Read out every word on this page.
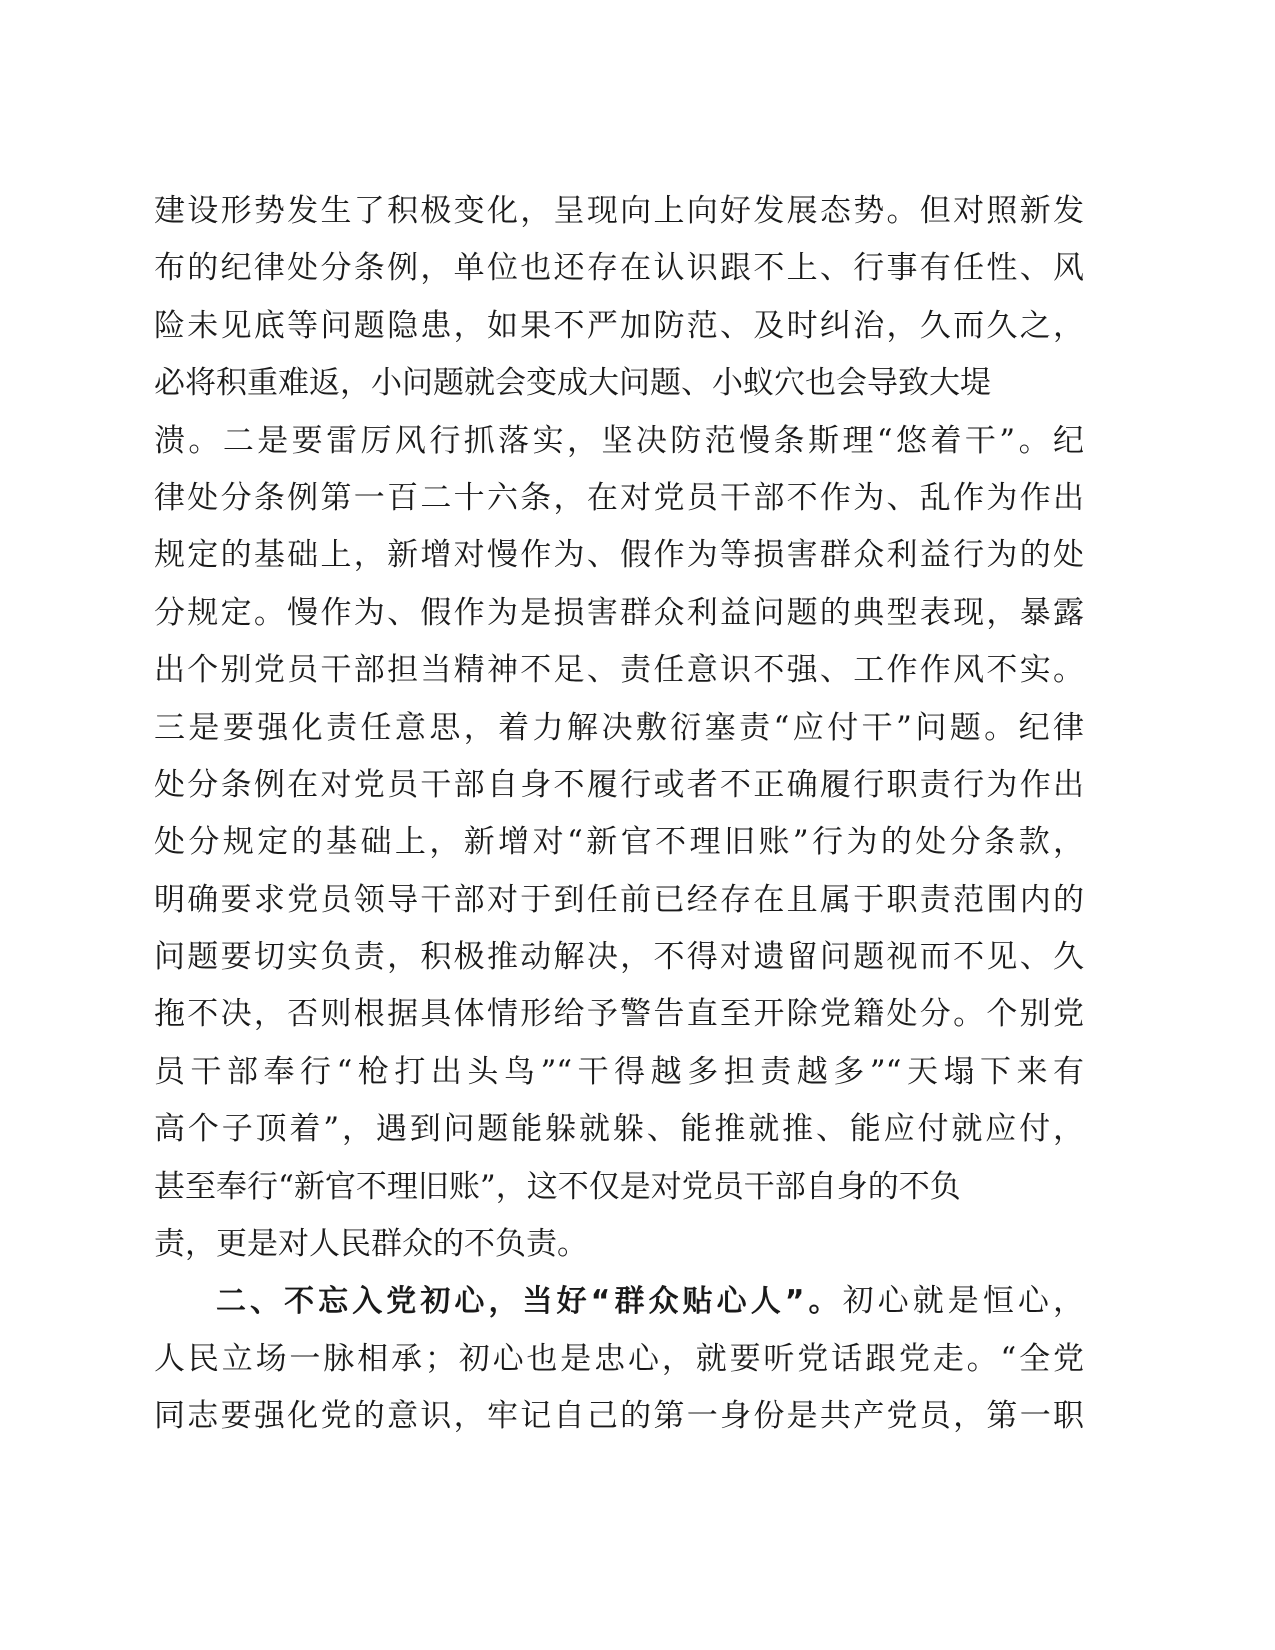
建设形势发生了积极变化，呈现向上向好发展态势。但对照新发
布的纪律处分条例，单位也还存在认识跟不上、行事有任性、风
险未见底等问题隐患，如果不严加防范、及时纠治，久而久之，
必将积重难返，小问题就会变成大问题、小蚁穴也会导致大堤
溃。二是要雷厉风行抓落实，坚决防范慢条斯理“悠着干”。纪
律处分条例第一百二十六条，在对党员干部不作为、乱作为作出
规定的基础上，新增对慢作为、假作为等损害群众利益行为的处
分规定。慢作为、假作为是损害群众利益问题的典型表现，暴露
出个别党员干部担当精神不足、责任意识不强、工作作风不实。
三是要强化责任意思，着力解决敷衍塞责“应付干”问题。纪律
处分条例在对党员干部自身不履行或者不正确履行职责行为作出
处分规定的基础上，新增对“新官不理旧账”行为的处分条款，
明确要求党员领导干部对于到任前已经存在且属于职责范围内的
问题要切实负责，积极推动解决，不得对遗留问题视而不见、久
拖不决，否则根据具体情形给予警告直至开除党籍处分。个别党
员干部奉行“枪打出头鸟”“干得越多担责越多”“天塌下来有
高个子顶着”，遇到问题能躲就躲、能推就推、能应付就应付，
甚至奉行“新官不理旧账”，这不仅是对党员干部自身的不负
责，更是对人民群众的不负责。
二、不忘入党初心，当好“群众贴心人”。初心就是恒心，
人民立场一脉相承；初心也是忠心，就要听党话跟党走。“全党
同志要强化党的意识，牢记自己的第一身份是共产党员，第一职
